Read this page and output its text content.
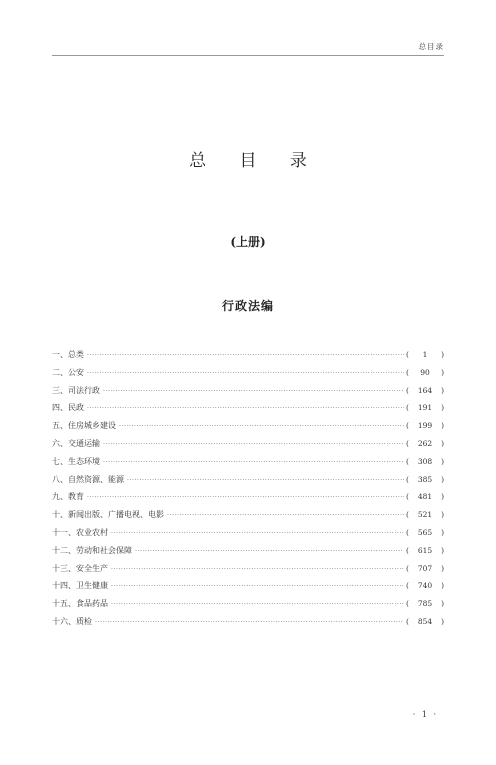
总目录
总 目 录
(上册)
行政法编
一、总类 ·····	(	1	)
二、公安 ·····	(	90	)
三、司法行政 ·····	(	164	)
四、民政 ·····	(	191	)
五、住房城乡建设 ·····	(	199	)
六、交通运输 ·····	(	262	)
七、生态环境 ·····	(	308	)
八、自然资源、能源 ·····	(	385	)
九、教育 ·····	(	481	)
十、新闻出版、广播电视、电影 ·····	(	521	)
十一、农业农村 ·····	(	565	)
十二、劳动和社会保障 ·····	(	615	)
十三、安全生产 ·····	(	707	)
十四、卫生健康 ·····	(	740	)
十五、食品药品 ·····	(	785	)
十六、质检 ·····	(	854	)
· 1 ·
